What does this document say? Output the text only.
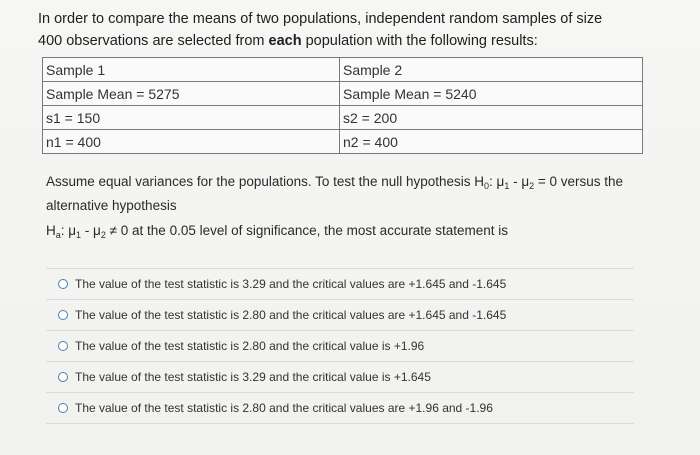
In order to compare the means of two populations, independent random samples of size
400 observations are selected from each population with the following results:
Sample 1	Sample 2
Sample Mean = 5275	Sample Mean = 5240
s1 = 150	s2 = 200
n1 = 400	n2 = 400
Assume equal variances for the populations. To test the null hypothesis $H_0$: $\mu_1 - \mu_2 = 0$ versus the alternative hypothesis
$H_a$: $\mu_1 - \mu_2 \ne 0$ at the 0.05 level of significance, the most accurate statement is
The value of the test statistic is 3.29 and the critical values are +1.645 and -1.645
The value of the test statistic is 2.80 and the critical values are +1.645 and -1.645
The value of the test statistic is 2.80 and the critical value is +1.96
The value of the test statistic is 3.29 and the critical value is +1.645
The value of the test statistic is 2.80 and the critical values are +1.96 and -1.96
